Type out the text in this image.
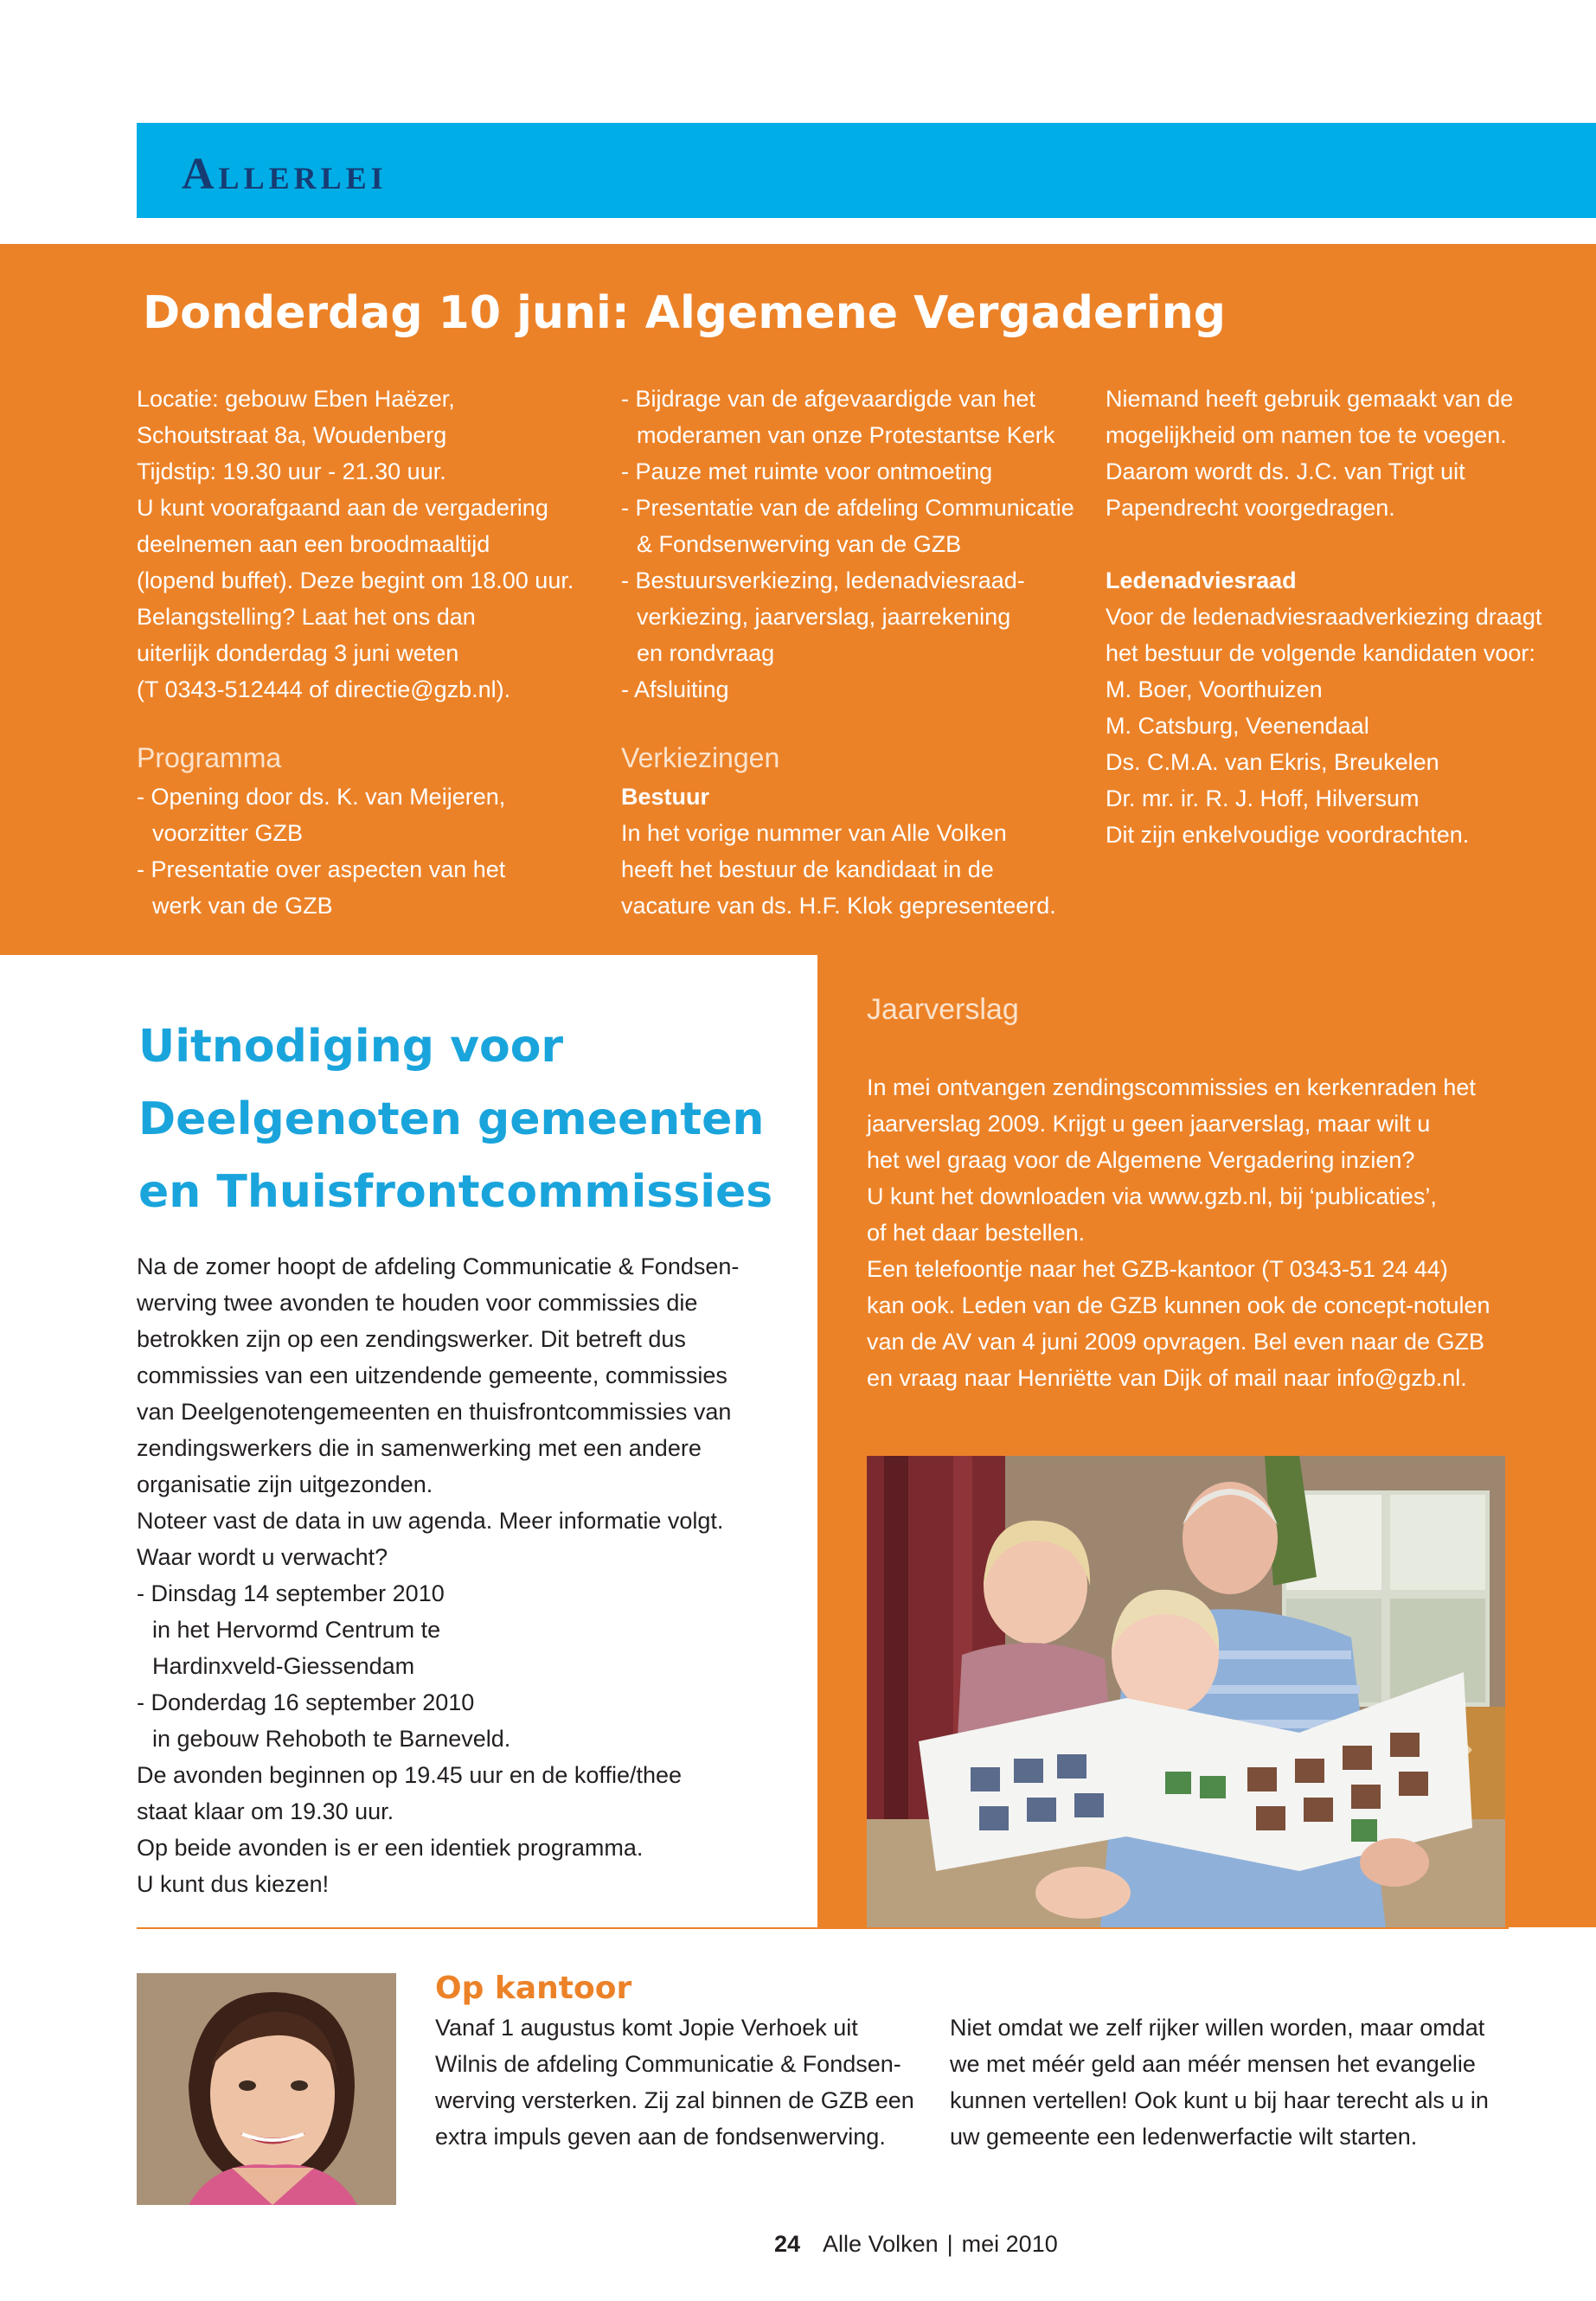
Allerlei
Donderdag 10 juni: Algemene Vergadering

Locatie: gebouw Eben Haëzer,
Schoutstraat 8a, Woudenberg
Tijdstip: 19.30 uur - 21.30 uur.
U kunt voorafgaand aan de vergadering
deelnemen aan een broodmaaltijd
(lopend buffet). Deze begint om 18.00 uur.
Belangstelling? Laat het ons dan
uiterlijk donderdag 3 juni weten
(T 0343-512444 of directie@gzb.nl).

Programma

- Opening door ds. K. van Meijeren,
voorzitter GZB
- Presentatie over aspecten van het
werk van de GZB
- Bijdrage van de afgevaardigde van het
moderamen van onze Protestantse Kerk
- Pauze met ruimte voor ontmoeting
- Presentatie van de afdeling Communicatie
& Fondsenwerving van de GZB
- Bestuursverkiezing, ledenadviesraad-
verkiezing, jaarverslag, jaarrekening
en rondvraag
- Afsluiting

Verkiezingen

Bestuur

In het vorige nummer van Alle Volken
heeft het bestuur de kandidaat in de
vacature van ds. H.F. Klok gepresenteerd.

Niemand heeft gebruik gemaakt van de
mogelijkheid om namen toe te voegen.
Daarom wordt ds. J.C. van Trigt uit
Papendrecht voorgedragen.

Ledenadviesraad

Voor de ledenadviesraadverkiezing draagt
het bestuur de volgende kandidaten voor:
M. Boer, Voorthuizen
M. Catsburg, Veenendaal
Ds. C.M.A. van Ekris, Breukelen
Dr. mr. ir. R. J. Hoff, Hilversum
Dit zijn enkelvoudige voordrachten.

Uitnodiging voor
Deelgenoten gemeenten
en Thuisfrontcommissies

Na de zomer hoopt de afdeling Communicatie & Fondsen-
werving twee avonden te houden voor commissies die
betrokken zijn op een zendingswerker. Dit betreft dus
commissies van een uitzendende gemeente, commissies
van Deelgenotengemeenten en thuisfrontcommissies van
zendingswerkers die in samenwerking met een andere
organisatie zijn uitgezonden.
Noteer vast de data in uw agenda. Meer informatie volgt.
Waar wordt u verwacht?

- Dinsdag 14 september 2010
in het Hervormd Centrum te
Hardinxveld-Giessendam
- Donderdag 16 september 2010
in gebouw Rehoboth te Barneveld.

De avonden beginnen op 19.45 uur en de koffie/thee
staat klaar om 19.30 uur.
Op beide avonden is er een identiek programma.
U kunt dus kiezen!

Jaarverslag

In mei ontvangen zendingscommissies en kerkenraden het
jaarverslag 2009. Krijgt u geen jaarverslag, maar wilt u
het wel graag voor de Algemene Vergadering inzien?
U kunt het downloaden via www.gzb.nl, bij ‘publicaties’,
of het daar bestellen.
Een telefoontje naar het GZB-kantoor (T 0343-51 24 44)
kan ook. Leden van de GZB kunnen ook de concept-notulen
van de AV van 4 juni 2009 opvragen. Bel even naar de GZB
en vraag naar Henriëtte van Dijk of mail naar info@gzb.nl.

Op kantoor

Vanaf 1 augustus komt Jopie Verhoek uit
Wilnis de afdeling Communicatie & Fondsen-
werving versterken. Zij zal binnen de GZB een
extra impuls geven aan de fondsenwerving.

Niet omdat we zelf rijker willen worden, maar omdat
we met méér geld aan méér mensen het evangelie
kunnen vertellen! Ook kunt u bij haar terecht als u in
uw gemeente een ledenwerfactie wilt starten.

24 Alle Volken | mei 2010
